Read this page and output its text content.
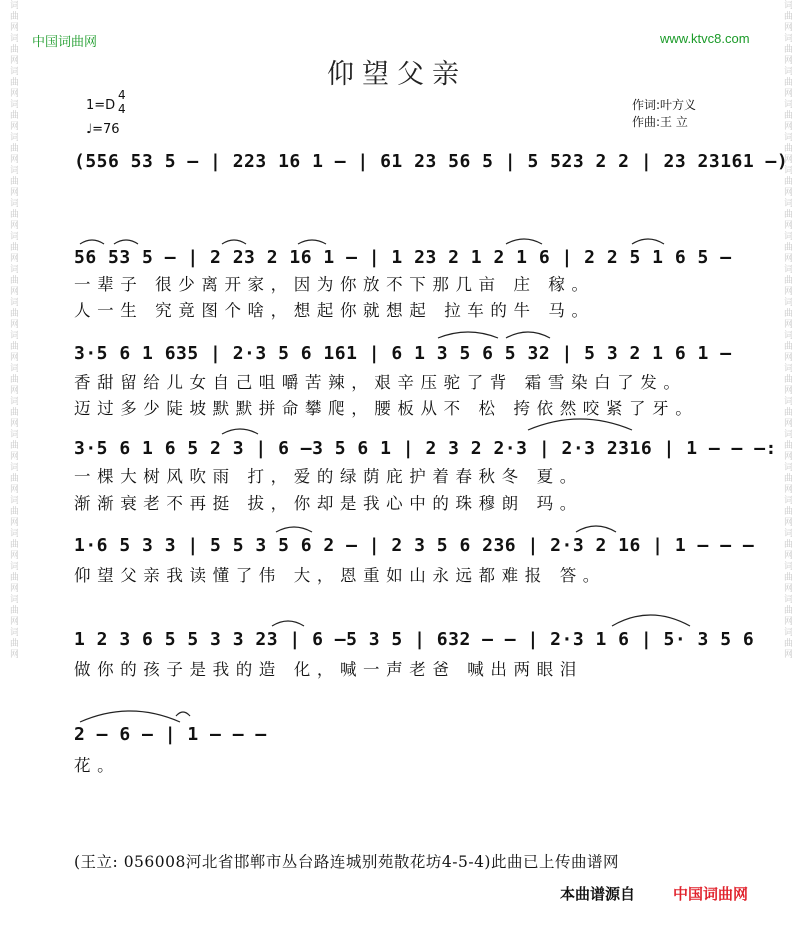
词曲网词曲网词曲网词曲网词曲网词曲网词曲网词曲网词曲网词曲网词曲网词曲网词曲网词曲网词曲网词曲网词曲网词曲网词曲网词曲网	词曲网词曲网词曲网词曲网词曲网词曲网词曲网词曲网词曲网词曲网词曲网词曲网词曲网词曲网词曲网词曲网词曲网词曲网词曲网词曲网
中国词曲网	www.ktvc8.com
仰望父亲
1=D
4
4
♩=76
作词:叶方义
作曲:王 立
(556 53 5 – | 223 16 1 – | 61 23 56 5 | 5 523 2 2 | 23 23161 –)
56 53 5 – | 2 23 2 16 1 – | 1 23 2 1 2 1 6 | 2 2 5 1 6 5 –
一辈子 很少离开家，因为你放不下那几亩 庄 稼。
人一生 究竟图个啥，想起你就想起 拉车的牛 马。
3·5 6 1 635 | 2·3 5 6 161 | 6 1 3 5 6 5 32 | 5 3 2 1 6 1 –
香甜留给儿女自己咀嚼苦辣，艰辛压驼了背 霜雪染白了发。
迈过多少陡坡默默拼命攀爬，腰板从不 松 挎依然咬紧了牙。
3·5 6 1 6 5 2 3 | 6 –3 5 6 1 | 2 3 2 2·3 | 2·3 2316 | 1 – – –:
一棵大树风吹雨 打，爱的绿荫庇护着春秋冬 夏。
渐渐衰老不再挺 拔，你却是我心中的珠穆朗 玛。
1·6 5 3 3 | 5 5 3 5 6 2 – | 2 3 5 6 236 | 2·3 2 16 | 1 – – –
仰望父亲我读懂了伟 大，恩重如山永远都难报 答。
1 2 3 6 5 5 3 3 23 | 6 –5 3 5 | 632 – – | 2·3 1 6 | 5· 3 5 6
做你的孩子是我的造 化，喊一声老爸 喊出两眼泪
2 – 6 – | 1 – – –
花。
(王立: 056008河北省邯郸市丛台路连城别苑散花坊4-5-4)此曲已上传曲谱网
本曲谱源自	中国词曲网
